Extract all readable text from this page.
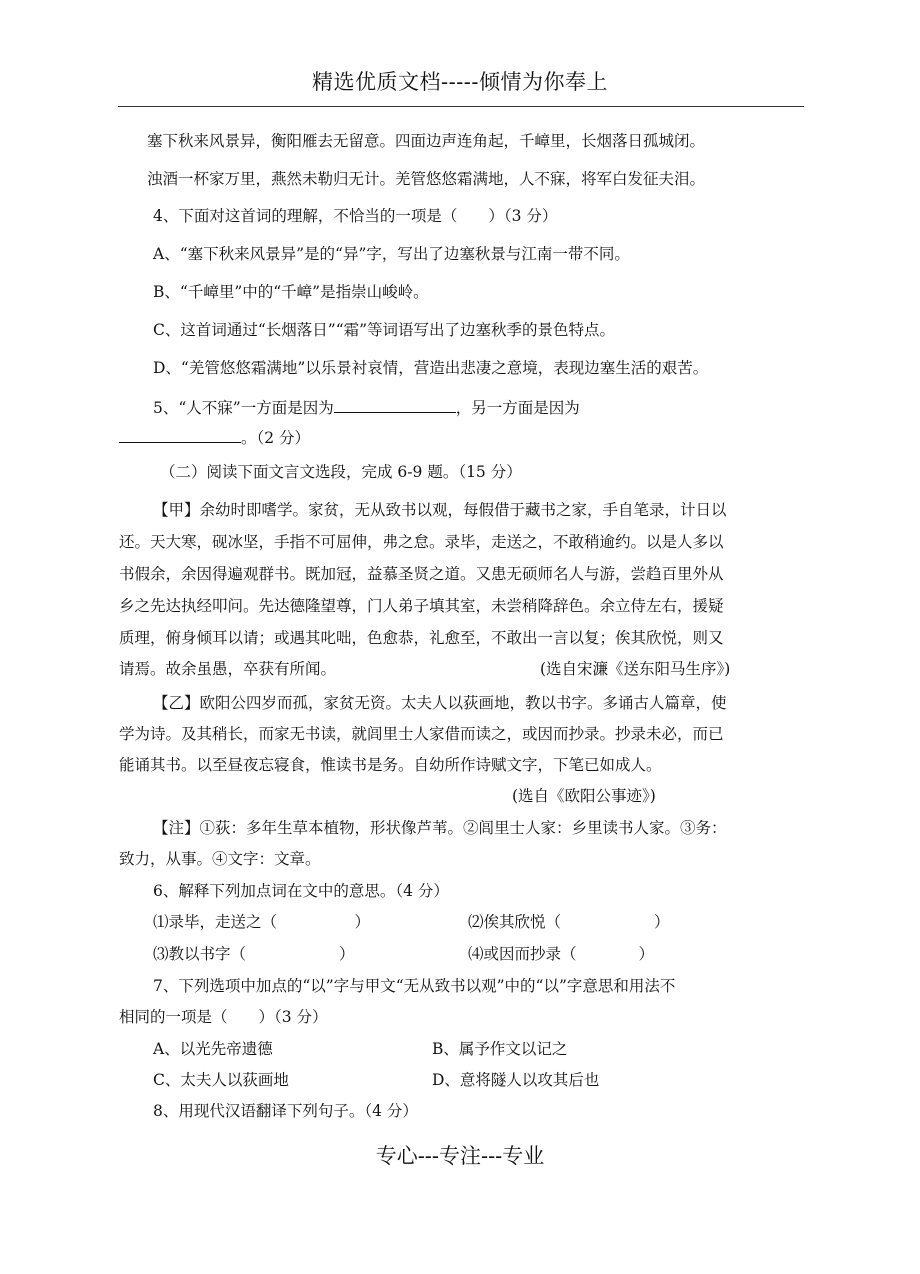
精选优质文档-----倾情为你奉上
塞下秋来风景异，衡阳雁去无留意。四面边声连角起，千嶂里，长烟落日孤城闭。
浊酒一杯家万里，燕然未勒归无计。羌管悠悠霜满地，人不寐，将军白发征夫泪。
4、下面对这首词的理解，不恰当的一项是（　　）（3 分）
A、“塞下秋来风景异”是的“异”字，写出了边塞秋景与江南一带不同。
B、“千嶂里”中的“千嶂”是指崇山峻岭。
C、这首词通过“长烟落日”“霜”等词语写出了边塞秋季的景色特点。
D、“羌管悠悠霜满地”以乐景衬哀情，营造出悲凄之意境，表现边塞生活的艰苦。
5、“人不寐”一方面是因为	，另一方面是因为
。（2 分）
（二）阅读下面文言文选段，完成 6-9 题。（15 分）
【甲】余幼时即嗜学。家贫，无从致书以观，每假借于藏书之家，手自笔录，计日以
还。天大寒，砚冰坚，手指不可屈伸，弗之怠。录毕，走送之，不敢稍逾约。以是人多以
书假余，余因得遍观群书。既加冠，益慕圣贤之道。又患无硕师名人与游，尝趋百里外从
乡之先达执经叩问。先达德隆望尊，门人弟子填其室，未尝稍降辞色。余立侍左右，援疑
质理，俯身倾耳以请；或遇其叱咄，色愈恭，礼愈至，不敢出一言以复；俟其欣悦，则又
请焉。故余虽愚，卒获有所闻。	(选自宋濂《送东阳马生序》)
【乙】欧阳公四岁而孤，家贫无资。太夫人以荻画地，教以书字。多诵古人篇章，使
学为诗。及其稍长，而家无书读，就闾里士人家借而读之，或因而抄录。抄录未必，而已
能诵其书。以至昼夜忘寝食，惟读书是务。自幼所作诗赋文字，下笔已如成人。
(选自《欧阳公事迹》)
【注】①荻：多年生草本植物，形状像芦苇。②闾里士人家：乡里读书人家。③务：
致力，从事。④文字：文章。
6、解释下列加点词在文中的意思。（4 分）
⑴录毕，走送之（　　　　　）	⑵俟其欣悦（　　　　　　）
⑶教以书字（　　　　　　）	⑷或因而抄录（　　　　）
7、下列选项中加点的“以”字与甲文“无从致书以观”中的“以”字意思和用法不
相同的一项是（　　）（3 分）
A、以光先帝遗德	B、属予作文以记之
C、太夫人以荻画地	D、意将隧人以攻其后也
8、用现代汉语翻译下列句子。（4 分）
专心---专注---专业
